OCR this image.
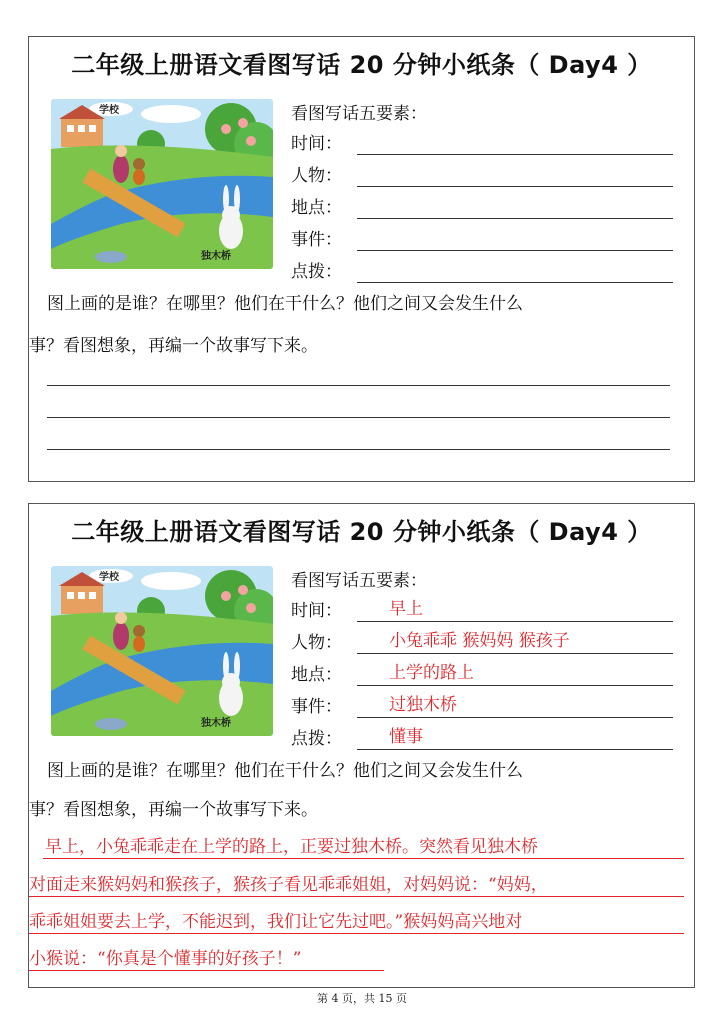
二年级上册语文看图写话 20 分钟小纸条（ Day4 ）
学校
独木桥
看图写话五要素：
时间：
人物：
地点：
事件：
点拨：
图上画的是谁？在哪里？他们在干什么？他们之间又会发生什么
事？看图想象，再编一个故事写下来。
二年级上册语文看图写话 20 分钟小纸条（ Day4 ）
学校
独木桥
看图写话五要素：
时间：	早上
人物：	小兔乖乖 猴妈妈 猴孩子
地点：	上学的路上
事件：	过独木桥
点拨：	懂事
图上画的是谁？在哪里？他们在干什么？他们之间又会发生什么
事？看图想象，再编一个故事写下来。
早上，小兔乖乖走在上学的路上，正要过独木桥。突然看见独木桥
对面走来猴妈妈和猴孩子，猴孩子看见乖乖姐姐，对妈妈说：“妈妈，
乖乖姐姐要去上学，不能迟到，我们让它先过吧。”猴妈妈高兴地对
小猴说：“你真是个懂事的好孩子！”
第 4 页，共 15 页
